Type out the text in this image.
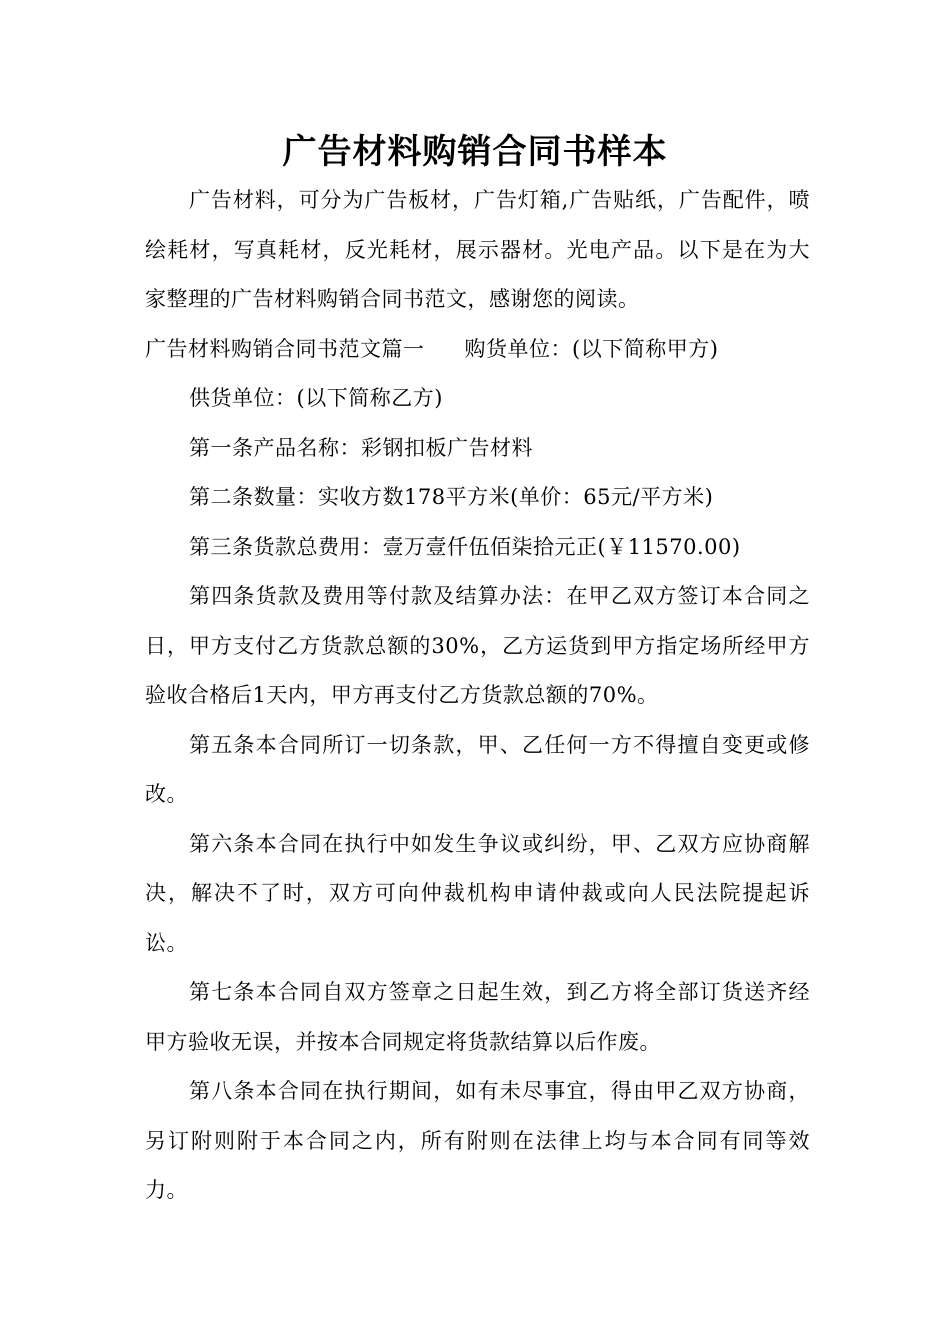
广告材料购销合同书样本

广告材料，可分为广告板材，广告灯箱,广告贴纸，广告配件，喷绘耗材，写真耗材，反光耗材，展示器材。光电产品。以下是在为大家整理的广告材料购销合同书范文，感谢您的阅读。

广告材料购销合同书范文篇一 购货单位：(以下简称甲方)

供货单位：(以下简称乙方)

第一条产品名称：彩钢扣板广告材料

第二条数量：实收方数178平方米(单价：65元/平方米)

第三条货款总费用：壹万壹仟伍佰柒拾元正(￥11570.00)

第四条货款及费用等付款及结算办法：在甲乙双方签订本合同之日，甲方支付乙方货款总额的30%，乙方运货到甲方指定场所经甲方验收合格后1天内，甲方再支付乙方货款总额的70%。

第五条本合同所订一切条款，甲、乙任何一方不得擅自变更或修改。

第六条本合同在执行中如发生争议或纠纷，甲、乙双方应协商解决，解决不了时，双方可向仲裁机构申请仲裁或向人民法院提起诉讼。

第七条本合同自双方签章之日起生效，到乙方将全部订货送齐经甲方验收无误，并按本合同规定将货款结算以后作废。

第八条本合同在执行期间，如有未尽事宜，得由甲乙双方协商，另订附则附于本合同之内，所有附则在法律上均与本合同有同等效力。
